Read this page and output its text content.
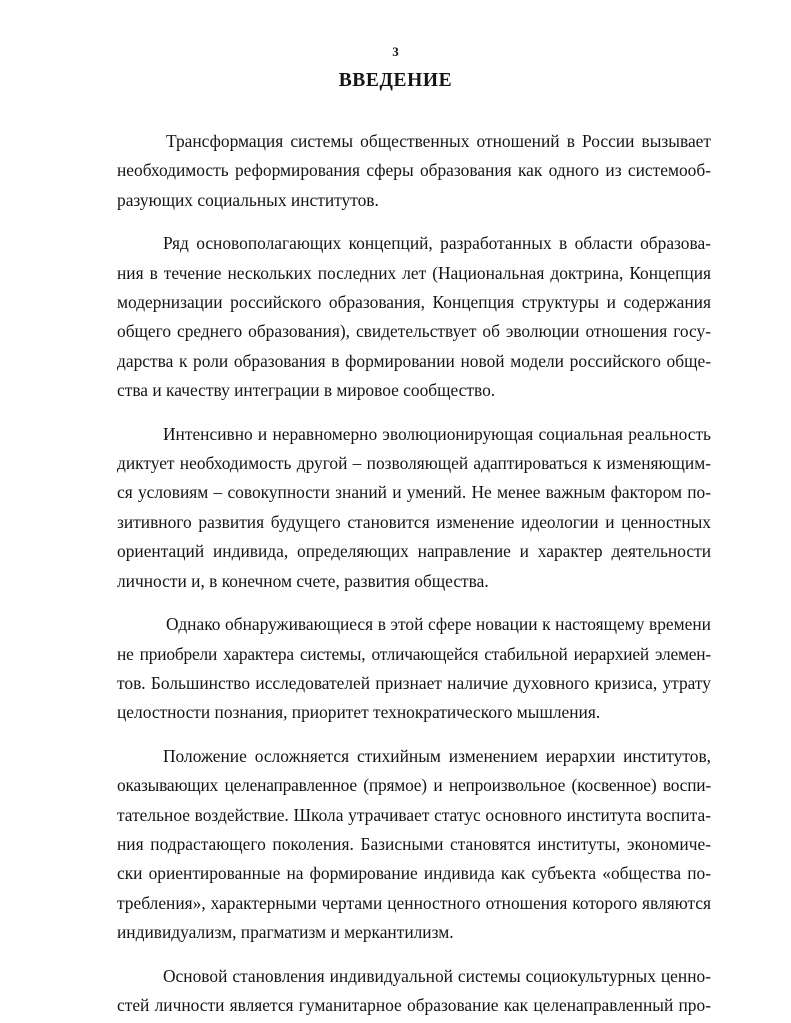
3
ВВЕДЕНИЕ

Трансформация системы общественных отношений в России вызывает
необходимость реформирования сферы образования как одного из системооб-
разующих социальных институтов.

Ряд основополагающих концепций, разработанных в области образова-
ния в течение нескольких последних лет (Национальная доктрина, Концепция
модернизации российского образования, Концепция структуры и содержания
общего среднего образования), свидетельствует об эволюции отношения госу-
дарства к роли образования в формировании новой модели российского обще-
ства и качеству интеграции в мировое сообщество.

Интенсивно и неравномерно эволюционирующая социальная реальность
диктует необходимость другой – позволяющей адаптироваться к изменяющим-
ся условиям – совокупности знаний и умений. Не менее важным фактором по-
зитивного развития будущего становится изменение идеологии и ценностных
ориентаций индивида, определяющих направление и характер деятельности
личности и, в конечном счете, развития общества.

Однако обнаруживающиеся в этой сфере новации к настоящему времени
не приобрели характера системы, отличающейся стабильной иерархией элемен-
тов. Большинство исследователей признает наличие духовного кризиса, утрату
целостности познания, приоритет технократического мышления.

Положение осложняется стихийным изменением иерархии институтов,
оказывающих целенаправленное (прямое) и непроизвольное (косвенное) воспи-
тательное воздействие. Школа утрачивает статус основного института воспита-
ния подрастающего поколения. Базисными становятся институты, экономиче-
ски ориентированные на формирование индивида как субъекта «общества по-
требления», характерными чертами ценностного отношения которого являются
индивидуализм, прагматизм и меркантилизм.

Основой становления индивидуальной системы социокультурных ценно-
стей личности является гуманитарное образование как целенаправленный про-
